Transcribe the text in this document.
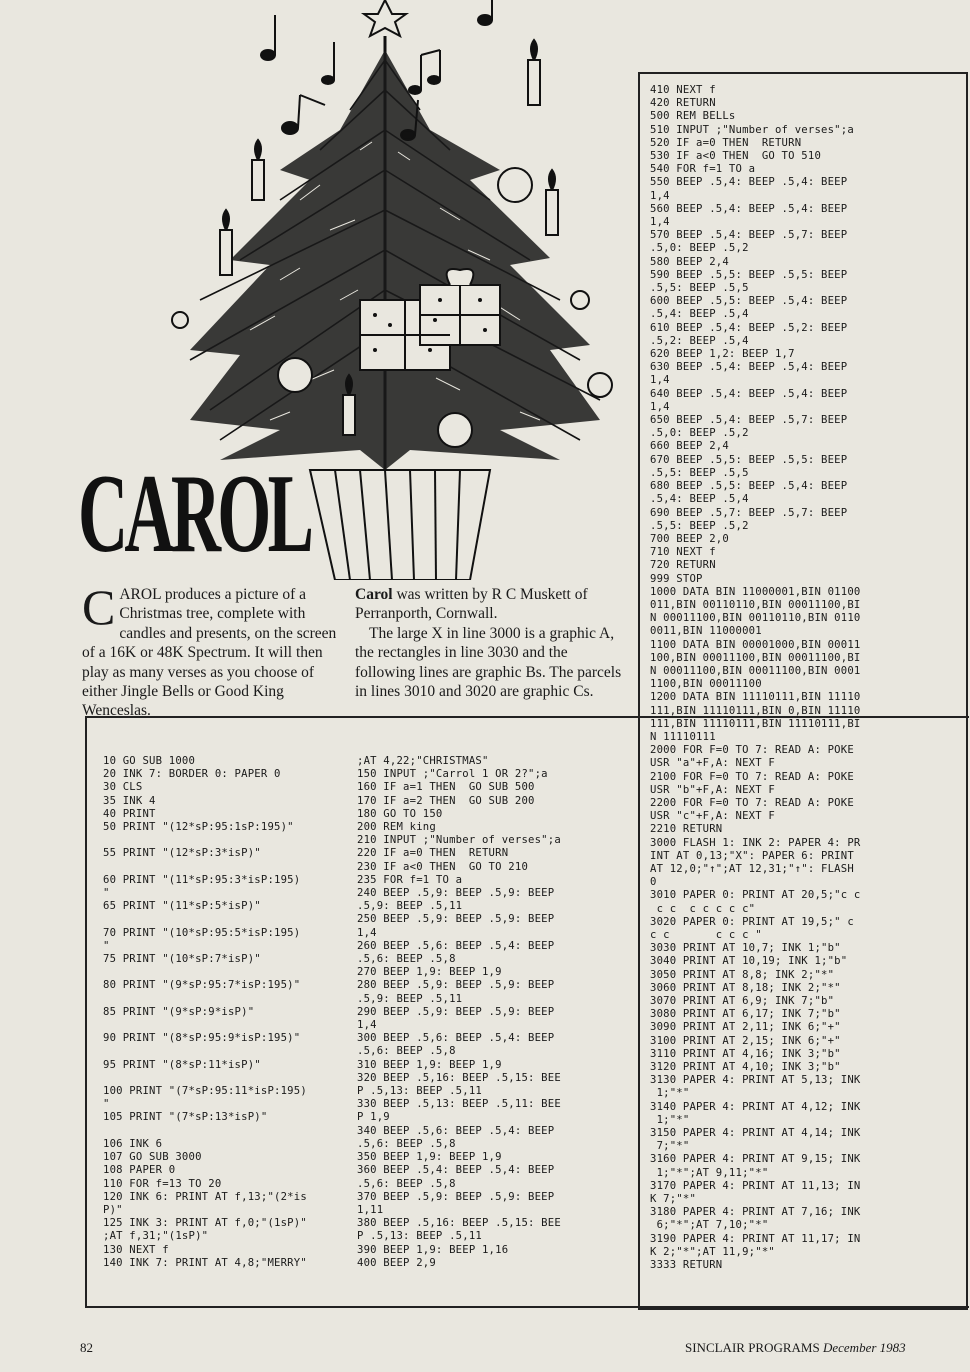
CAROL
CAROL produces a picture of a Christmas tree, complete with candles and presents, on the screen of a 16K or 48K Spectrum. It will then play as many verses as you choose of either Jingle Bells or Good King Wenceslas.

Carol was written by R C Muskett of Perranporth, Cornwall.

The large X in line 3000 is a graphic A, the rectangles in line 3030 and the following lines are graphic Bs. The parcels in lines 3010 and 3020 are graphic Cs.

10 GO SUB 1000
20 INK 7: BORDER 0: PAPER 0
30 CLS
35 INK 4
40 PRINT
50 PRINT "(12*sP:95:1sP:195)"

55 PRINT "(12*sP:3*isP)"

60 PRINT "(11*sP:95:3*isP:195)
"
65 PRINT "(11*sP:5*isP)"

70 PRINT "(10*sP:95:5*isP:195)
"
75 PRINT "(10*sP:7*isP)"

80 PRINT "(9*sP:95:7*isP:195)"

85 PRINT "(9*sP:9*isP)"

90 PRINT "(8*sP:95:9*isP:195)"

95 PRINT "(8*sP:11*isP)"

100 PRINT "(7*sP:95:11*isP:195)
"
105 PRINT "(7*sP:13*isP)"

106 INK 6
107 GO SUB 3000
108 PAPER 0
110 FOR f=13 TO 20
120 INK 6: PRINT AT f,13;"(2*is
P)"
125 INK 3: PRINT AT f,0;"(1sP)"
;AT f,31;"(1sP)"
130 NEXT f
140 INK 7: PRINT AT 4,8;"MERRY"
;AT 4,22;"CHRISTMAS"
150 INPUT ;"Carrol 1 OR 2?";a
160 IF a=1 THEN  GO SUB 500
170 IF a=2 THEN  GO SUB 200
180 GO TO 150
200 REM king
210 INPUT ;"Number of verses";a
220 IF a=0 THEN  RETURN
230 IF a<0 THEN  GO TO 210
235 FOR f=1 TO a
240 BEEP .5,9: BEEP .5,9: BEEP
.5,9: BEEP .5,11
250 BEEP .5,9: BEEP .5,9: BEEP
1,4
260 BEEP .5,6: BEEP .5,4: BEEP
.5,6: BEEP .5,8
270 BEEP 1,9: BEEP 1,9
280 BEEP .5,9: BEEP .5,9: BEEP
.5,9: BEEP .5,11
290 BEEP .5,9: BEEP .5,9: BEEP
1,4
300 BEEP .5,6: BEEP .5,4: BEEP
.5,6: BEEP .5,8
310 BEEP 1,9: BEEP 1,9
320 BEEP .5,16: BEEP .5,15: BEE
P .5,13: BEEP .5,11
330 BEEP .5,13: BEEP .5,11: BEE
P 1,9
340 BEEP .5,6: BEEP .5,4: BEEP
.5,6: BEEP .5,8
350 BEEP 1,9: BEEP 1,9
360 BEEP .5,4: BEEP .5,4: BEEP
.5,6: BEEP .5,8
370 BEEP .5,9: BEEP .5,9: BEEP
1,11
380 BEEP .5,16: BEEP .5,15: BEE
P .5,13: BEEP .5,11
390 BEEP 1,9: BEEP 1,16
400 BEEP 2,9
410 NEXT f
420 RETURN
500 REM BELLs
510 INPUT ;"Number of verses";a
520 IF a=0 THEN  RETURN
530 IF a<0 THEN  GO TO 510
540 FOR f=1 TO a
550 BEEP .5,4: BEEP .5,4: BEEP
1,4
560 BEEP .5,4: BEEP .5,4: BEEP
1,4
570 BEEP .5,4: BEEP .5,7: BEEP
.5,0: BEEP .5,2
580 BEEP 2,4
590 BEEP .5,5: BEEP .5,5: BEEP
.5,5: BEEP .5,5
600 BEEP .5,5: BEEP .5,4: BEEP
.5,4: BEEP .5,4
610 BEEP .5,4: BEEP .5,2: BEEP
.5,2: BEEP .5,4
620 BEEP 1,2: BEEP 1,7
630 BEEP .5,4: BEEP .5,4: BEEP
1,4
640 BEEP .5,4: BEEP .5,4: BEEP
1,4
650 BEEP .5,4: BEEP .5,7: BEEP
.5,0: BEEP .5,2
660 BEEP 2,4
670 BEEP .5,5: BEEP .5,5: BEEP
.5,5: BEEP .5,5
680 BEEP .5,5: BEEP .5,4: BEEP
.5,4: BEEP .5,4
690 BEEP .5,7: BEEP .5,7: BEEP
.5,5: BEEP .5,2
700 BEEP 2,0
710 NEXT f
720 RETURN
999 STOP
1000 DATA BIN 11000001,BIN 01100
011,BIN 00110110,BIN 00011100,BI
N 00011100,BIN 00110110,BIN 0110
0011,BIN 11000001
1100 DATA BIN 00001000,BIN 00011
100,BIN 00011100,BIN 00011100,BI
N 00011100,BIN 00011100,BIN 0001
1100,BIN 00011100
1200 DATA BIN 11110111,BIN 11110
111,BIN 11110111,BIN 0,BIN 11110
111,BIN 11110111,BIN 11110111,BI
N 11110111
2000 FOR F=0 TO 7: READ A: POKE
USR "a"+F,A: NEXT F
2100 FOR F=0 TO 7: READ A: POKE
USR "b"+F,A: NEXT F
2200 FOR F=0 TO 7: READ A: POKE
USR "c"+F,A: NEXT F
2210 RETURN
3000 FLASH 1: INK 2: PAPER 4: PR
INT AT 0,13;"X": PAPER 6: PRINT
AT 12,0;"↑";AT 12,31;"↑": FLASH
0
3010 PAPER 0: PRINT AT 20,5;"c c
c c  c c c c c"
3020 PAPER 0: PRINT AT 19,5;" c
c c       c c c "
3030 PRINT AT 10,7; INK 1;"b"
3040 PRINT AT 10,19; INK 1;"b"
3050 PRINT AT 8,8; INK 2;"*"
3060 PRINT AT 8,18; INK 2;"*"
3070 PRINT AT 6,9; INK 7;"b"
3080 PRINT AT 6,17; INK 7;"b"
3090 PRINT AT 2,11; INK 6;"+"
3100 PRINT AT 2,15; INK 6;"+"
3110 PRINT AT 4,16; INK 3;"b"
3120 PRINT AT 4,10; INK 3;"b"
3130 PAPER 4: PRINT AT 5,13; INK
1;"*"
3140 PAPER 4: PRINT AT 4,12; INK
1;"*"
3150 PAPER 4: PRINT AT 4,14; INK
7;"*"
3160 PAPER 4: PRINT AT 9,15; INK
1;"*";AT 9,11;"*"
3170 PAPER 4: PRINT AT 11,13; IN
K 7;"*"
3180 PAPER 4: PRINT AT 7,16; INK
6;"*";AT 7,10;"*"
3190 PAPER 4: PRINT AT 11,17; IN
K 2;"*";AT 11,9;"*"
3333 RETURN
82	SINCLAIR PROGRAMS December 1983
